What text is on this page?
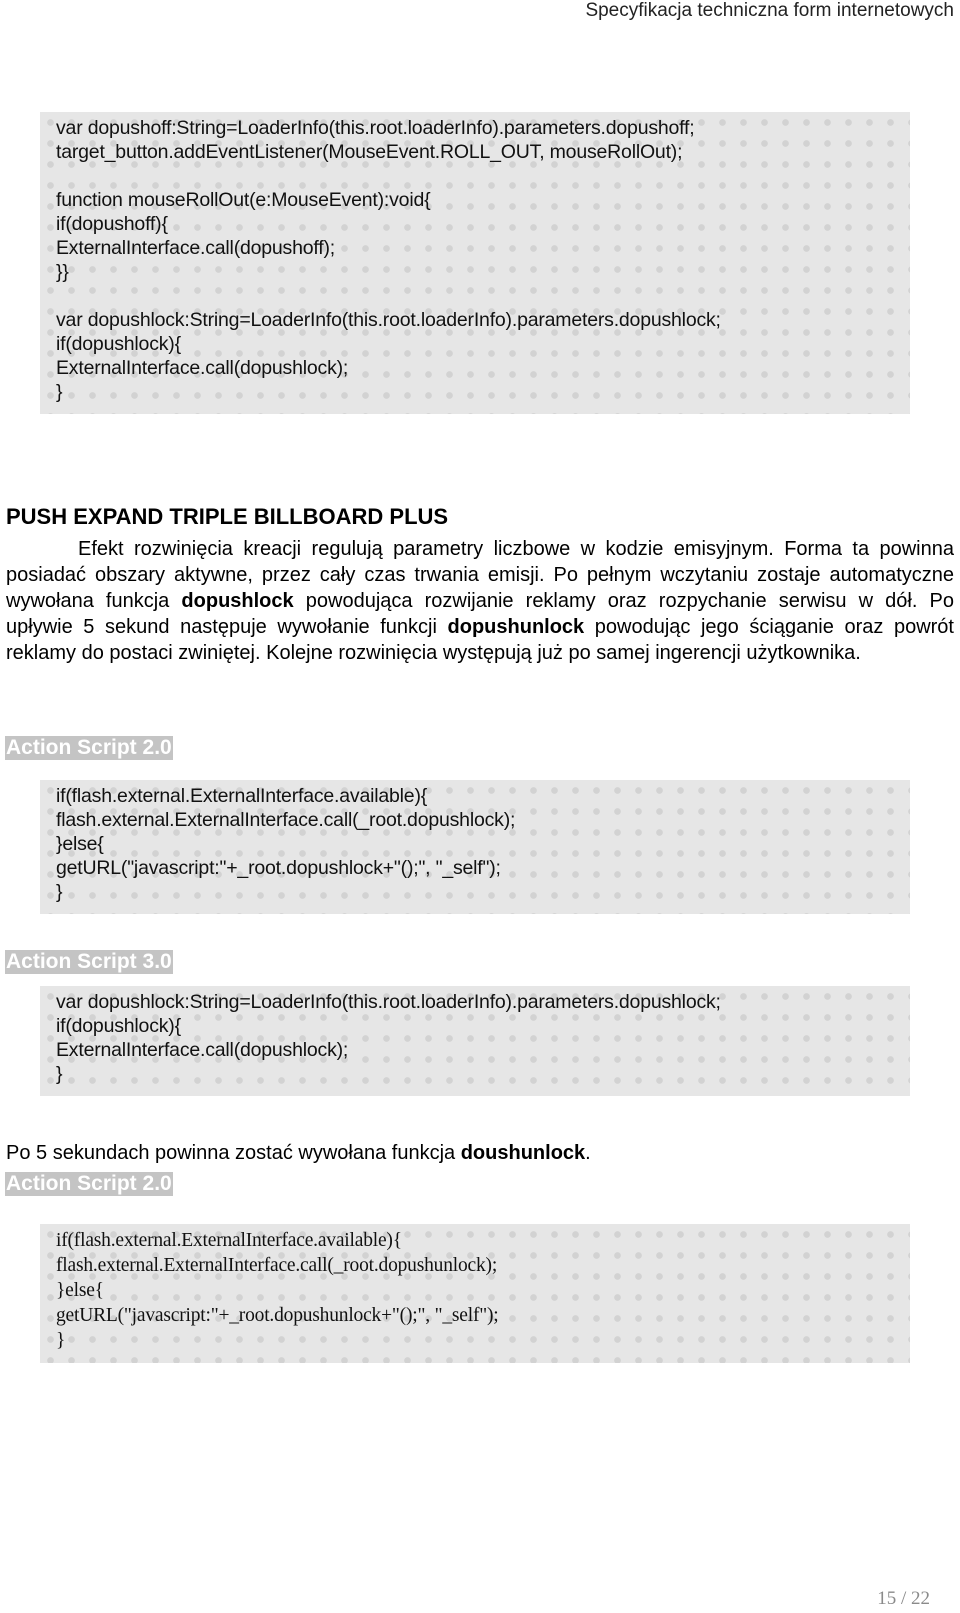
Specyfikacja techniczna form internetowych
var dopushoff:String=LoaderInfo(this.root.loaderInfo).parameters.dopushoff;
target_button.addEventListener(MouseEvent.ROLL_OUT, mouseRollOut);
function mouseRollOut(e:MouseEvent):void{
if(dopushoff){
ExternalInterface.call(dopushoff);
}}
var dopushlock:String=LoaderInfo(this.root.loaderInfo).parameters.dopushlock;
if(dopushlock){
ExternalInterface.call(dopushlock);
}
PUSH EXPAND TRIPLE BILLBOARD PLUS

Efekt rozwinięcia kreacji regulują parametry liczbowe w kodzie emisyjnym. Forma ta powinna posiadać obszary aktywne, przez cały czas trwania emisji. Po pełnym wczytaniu zostaje automatyczne wywołana funkcja dopushlock powodująca rozwijanie reklamy oraz rozpychanie serwisu w dół. Po upływie 5 sekund następuje wywołanie funkcji dopushunlock powodując jego ściąganie oraz powrót reklamy do postaci zwiniętej. Kolejne rozwinięcia występują już po samej ingerencji użytkownika.

Action Script 2.0
if(flash.external.ExternalInterface.available){
flash.external.ExternalInterface.call(_root.dopushlock);
}else{
getURL("javascript:"+_root.dopushlock+"();", "_self");
}
Action Script 3.0
var dopushlock:String=LoaderInfo(this.root.loaderInfo).parameters.dopushlock;
if(dopushlock){
ExternalInterface.call(dopushlock);
}

Po 5 sekundach powinna zostać wywołana funkcja doushunlock.

Action Script 2.0
if(flash.external.ExternalInterface.available){
flash.external.ExternalInterface.call(_root.dopushunlock);
}else{
getURL("javascript:"+_root.dopushunlock+"();", "_self");
}
15 / 22
